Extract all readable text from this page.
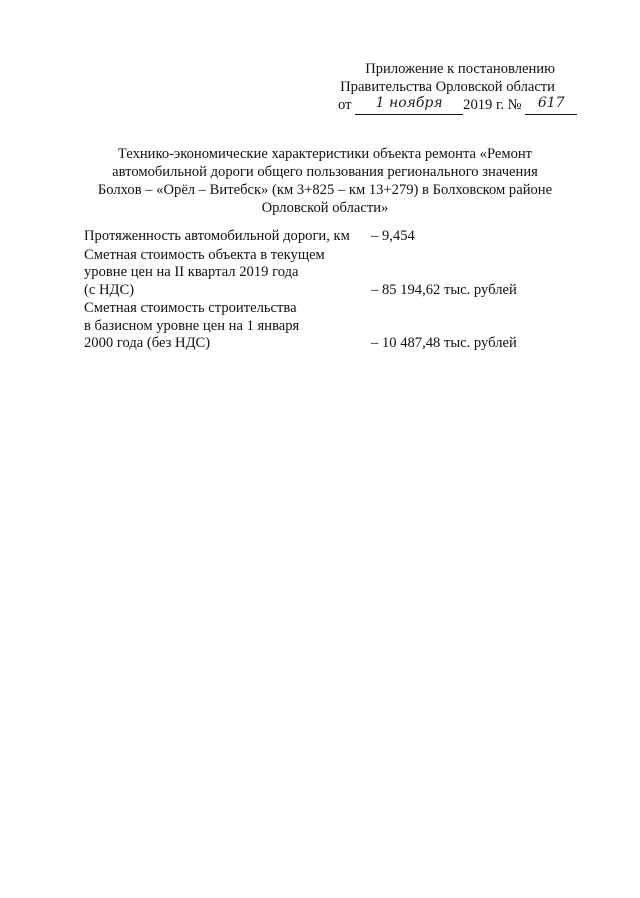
Приложение к постановлению
Правительства Орловской области
от 1 ноября 2019 г. № 617
Технико-экономические характеристики объекта ремонта «Ремонт
автомобильной дороги общего пользования регионального значения
Болхов – «Орёл – Витебск» (км 3+825 – км 13+279) в Болховском районе
Орловской области»
Протяженность автомобильной дороги, км	– 9,454
Сметная стоимость объекта в текущем
уровне цен на II квартал 2019 года
(с НДС)	– 85 194,62 тыс. рублей
Сметная стоимость строительства
в базисном уровне цен на 1 января
2000 года (без НДС)	– 10 487,48 тыс. рублей
